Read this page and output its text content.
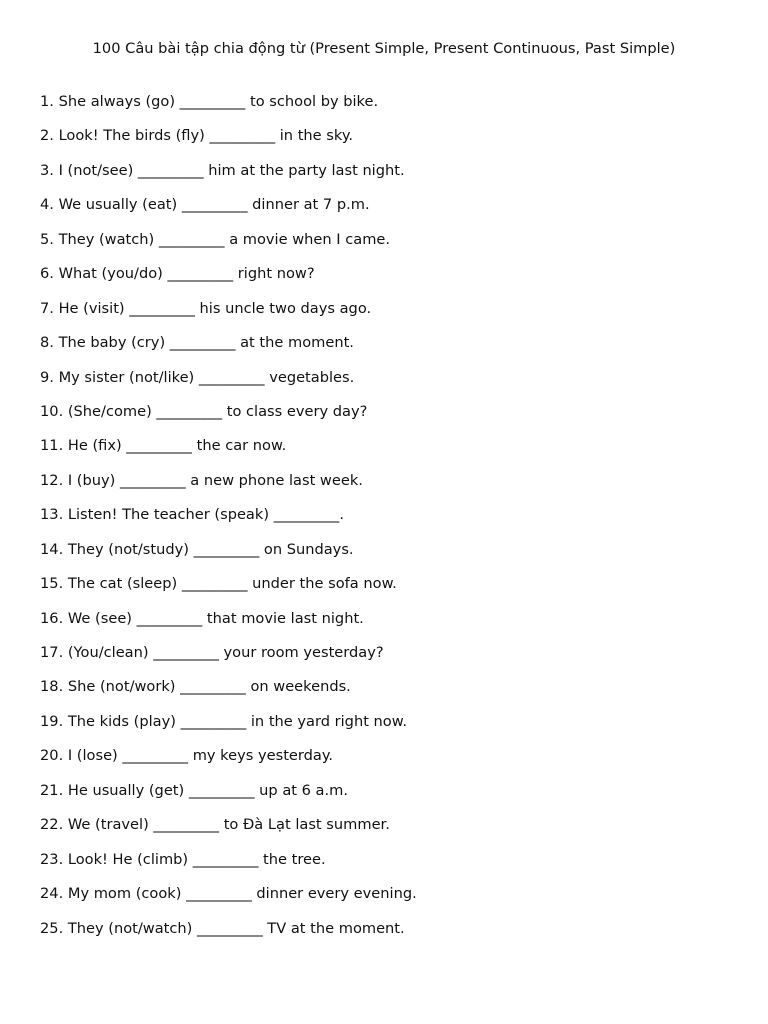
100 Câu bài tập chia động từ (Present Simple, Present Continuous, Past Simple)
1. She always (go) _________ to school by bike.
2. Look! The birds (fly) _________ in the sky.
3. I (not/see) _________ him at the party last night.
4. We usually (eat) _________ dinner at 7 p.m.
5. They (watch) _________ a movie when I came.
6. What (you/do) _________ right now?
7. He (visit) _________ his uncle two days ago.
8. The baby (cry) _________ at the moment.
9. My sister (not/like) _________ vegetables.
10. (She/come) _________ to class every day?
11. He (fix) _________ the car now.
12. I (buy) _________ a new phone last week.
13. Listen! The teacher (speak) _________.
14. They (not/study) _________ on Sundays.
15. The cat (sleep) _________ under the sofa now.
16. We (see) _________ that movie last night.
17. (You/clean) _________ your room yesterday?
18. She (not/work) _________ on weekends.
19. The kids (play) _________ in the yard right now.
20. I (lose) _________ my keys yesterday.
21. He usually (get) _________ up at 6 a.m.
22. We (travel) _________ to Đà Lạt last summer.
23. Look! He (climb) _________ the tree.
24. My mom (cook) _________ dinner every evening.
25. They (not/watch) _________ TV at the moment.
